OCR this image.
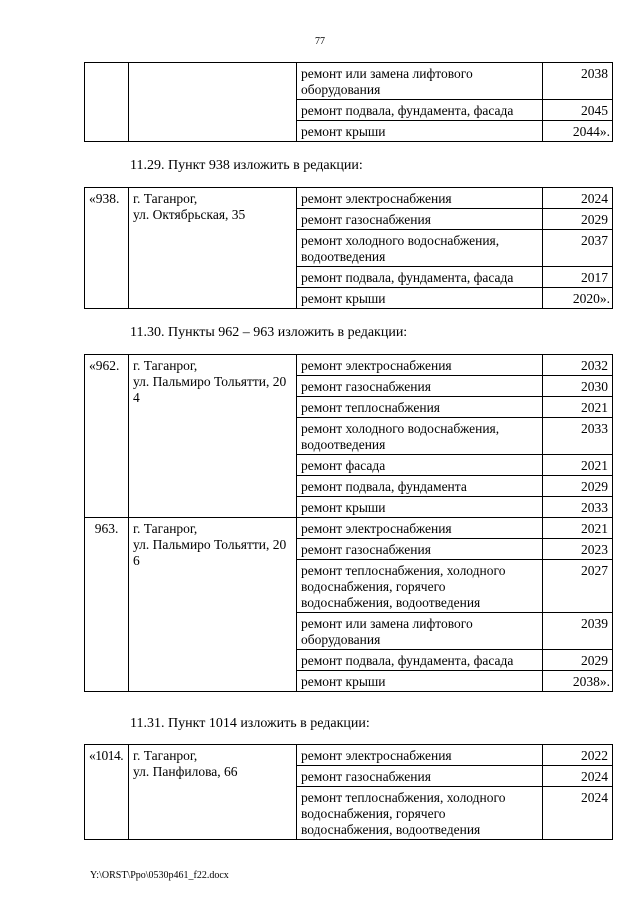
77
		ремонт или замена лифтового оборудования	2038
		ремонт подвала, фундамента, фасада	2045
		ремонт крыши	2044».
11.29. Пункт 938 изложить в редакции:
«938.	г. Таганрог,
ул. Октябрьская, 35	ремонт электроснабжения	2024
		ремонт газоснабжения	2029
		ремонт холодного водоснабжения, водоотведения	2037
		ремонт подвала, фундамента, фасада	2017
		ремонт крыши	2020».
11.30. Пункты 962 – 963 изложить в редакции:
«962.	г. Таганрог,
ул. Пальмиро Тольятти, 20 4	ремонт электроснабжения	2032
		ремонт газоснабжения	2030
		ремонт теплоснабжения	2021
		ремонт холодного водоснабжения, водоотведения	2033
		ремонт фасада	2021
		ремонт подвала, фундамента	2029
		ремонт крыши	2033
963.	г. Таганрог,
ул. Пальмиро Тольятти, 20 6	ремонт электроснабжения	2021
		ремонт газоснабжения	2023
		ремонт теплоснабжения, холодного водоснабжения, горячего водоснабжения, водоотведения	2027
		ремонт или замена лифтового оборудования	2039
		ремонт подвала, фундамента, фасада	2029
		ремонт крыши	2038».
11.31. Пункт 1014 изложить в редакции:
«1014.	г. Таганрог,
ул. Панфилова, 66	ремонт электроснабжения	2022
		ремонт газоснабжения	2024
		ремонт теплоснабжения, холодного водоснабжения, горячего водоснабжения, водоотведения	2024
Y:\ORST\Ppo\0530p461_f22.docx
